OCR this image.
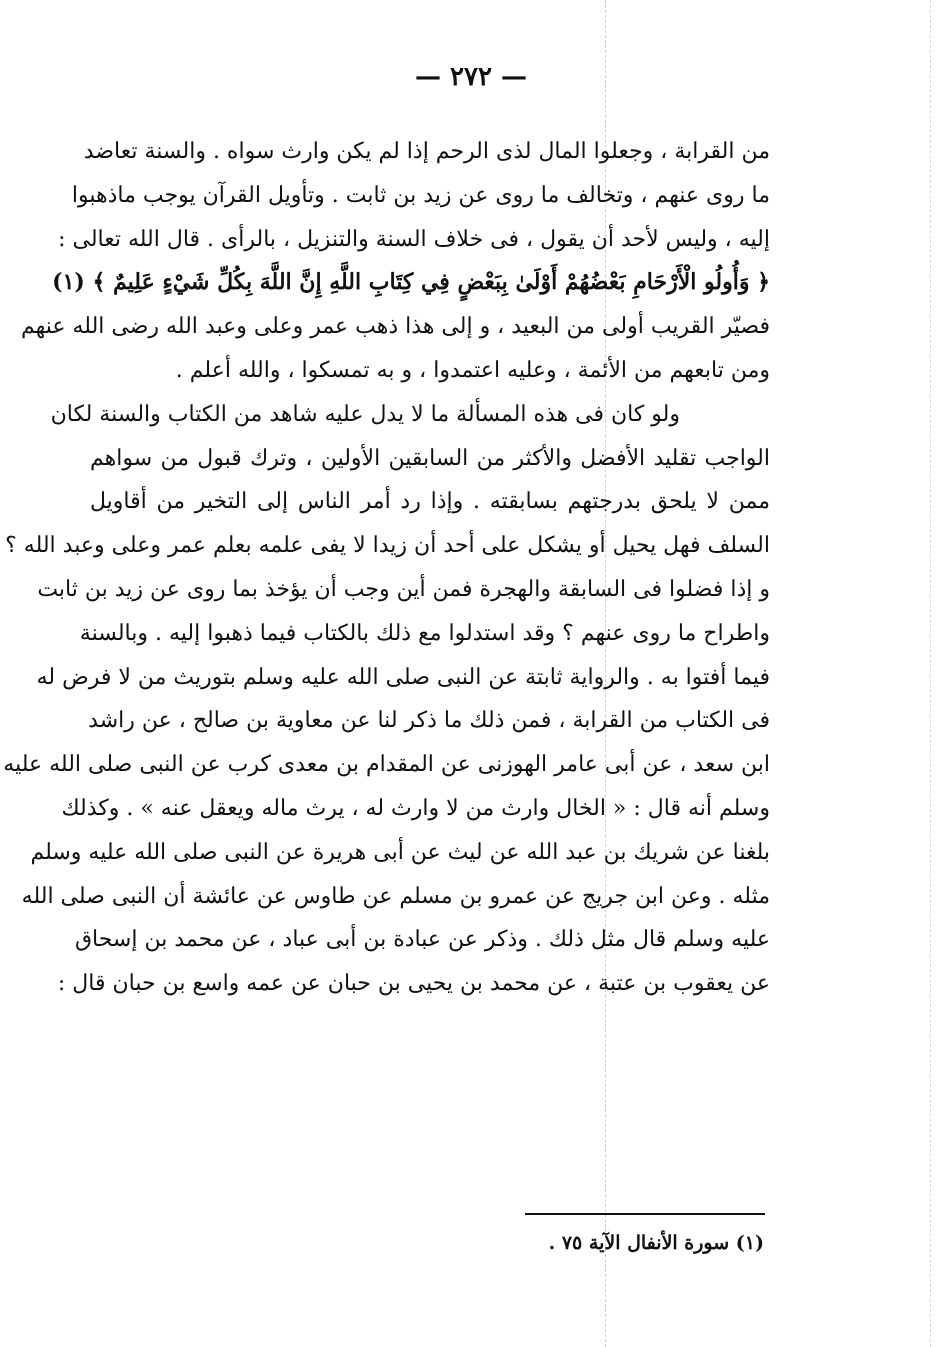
— ٢٧٢ —
من القرابة ، وجعلوا المال لذى الرحم إذا لم يكن وارث سواه . والسنة تعاضد
ما روى عنهم ، وتخالف ما روى عن زيد بن ثابت . وتأويل القرآن يوجب ماذهبوا
إليه ، وليس لأحد أن يقول ، فى خلاف السنة والتنزيل ، بالرأى . قال الله تعالى :
﴿ وَأُولُو الْأَرْحَامِ بَعْضُهُمْ أَوْلَىٰ بِبَعْضٍ فِي كِتَابِ اللَّهِ إِنَّ اللَّهَ بِكُلِّ شَيْءٍ عَلِيمٌ ﴾ (١)
فصيّر القريب أولى من البعيد ، و إلى هذا ذهب عمر وعلى وعبد الله رضى الله عنهم
ومن تابعهم من الأئمة ، وعليه اعتمدوا ، و به تمسكوا ، والله أعلم .
ولو كان فى هذه المسألة ما لا يدل عليه شاهد من الكتاب والسنة لكان
الواجب تقليد الأفضل والأكثر من السابقين الأولين ، وترك قبول من سواهم
ممن لا يلحق بدرجتهم بسابقته . وإذا رد أمر الناس إلى التخير من أقاويل
السلف فهل يحيل أو يشكل على أحد أن زيدا لا يفى علمه بعلم عمر وعلى وعبد الله ؟
و إذا فضلوا فى السابقة والهجرة فمن أين وجب أن يؤخذ بما روى عن زيد بن ثابت
واطراح ما روى عنهم ؟ وقد استدلوا مع ذلك بالكتاب فيما ذهبوا إليه . وبالسنة
فيما أفتوا به . والرواية ثابتة عن النبى صلى الله عليه وسلم بتوريث من لا فرض له
فى الكتاب من القرابة ، فمن ذلك ما ذكر لنا عن معاوية بن صالح ، عن راشد
ابن سعد ، عن أبى عامر الهوزنى عن المقدام بن معدى كرب عن النبى صلى الله عليه
وسلم أنه قال : « الخال وارث من لا وارث له ، يرث ماله ويعقل عنه » . وكذلك
بلغنا عن شريك بن عبد الله عن ليث عن أبى هريرة عن النبى صلى الله عليه وسلم
مثله . وعن ابن جريج عن عمرو بن مسلم عن طاوس عن عائشة أن النبى صلى الله
عليه وسلم قال مثل ذلك . وذكر عن عبادة بن أبى عباد ، عن محمد بن إسحاق
عن يعقوب بن عتبة ، عن محمد بن يحيى بن حبان عن عمه واسع بن حبان قال :
(١) سورة الأنفال الآية ٧٥ .
